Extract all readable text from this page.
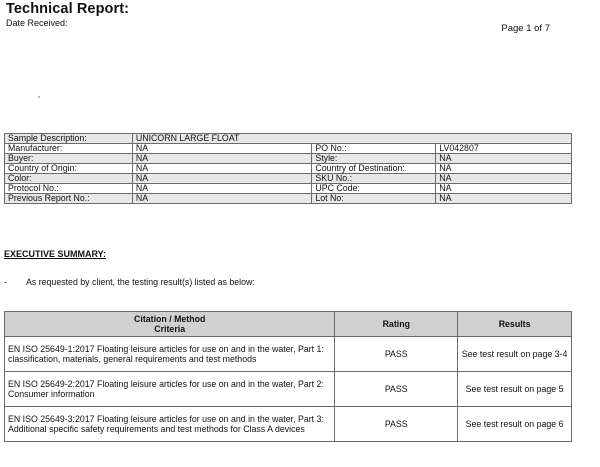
Technical Report:
Date Received:	Page 1 of 7
Sample Description:	UNICORN LARGE FLOAT		
Manufacturer:	NA	PO No.:	LV042807
Buyer:	NA	Style:	NA
Country of Origin:	NA	Country of Destination:	NA
Color:	NA	SKU No.:	NA
Protocol No.:	NA	UPC Code:	NA
Previous Report No.:	NA	Lot No:	NA
EXECUTIVE SUMMARY:
- As requested by client, the testing result(s) listed as below:
Citation / Method
Criteria	Rating	Results
EN ISO 25649-1:2017 Floating leisure articles for use on and in the water, Part 1: classification, materials, general requirements and test methods	PASS	See test result on page 3-4
EN ISO 25649-2:2017 Floating leisure articles for use on and in the water, Part 2: Consumer information	PASS	See test result on page 5
EN ISO 25649-3:2017 Floating leisure articles for use on and in the water, Part 3: Additional specific safety requirements and test methods for Class A devices	PASS	See test result on page 6
